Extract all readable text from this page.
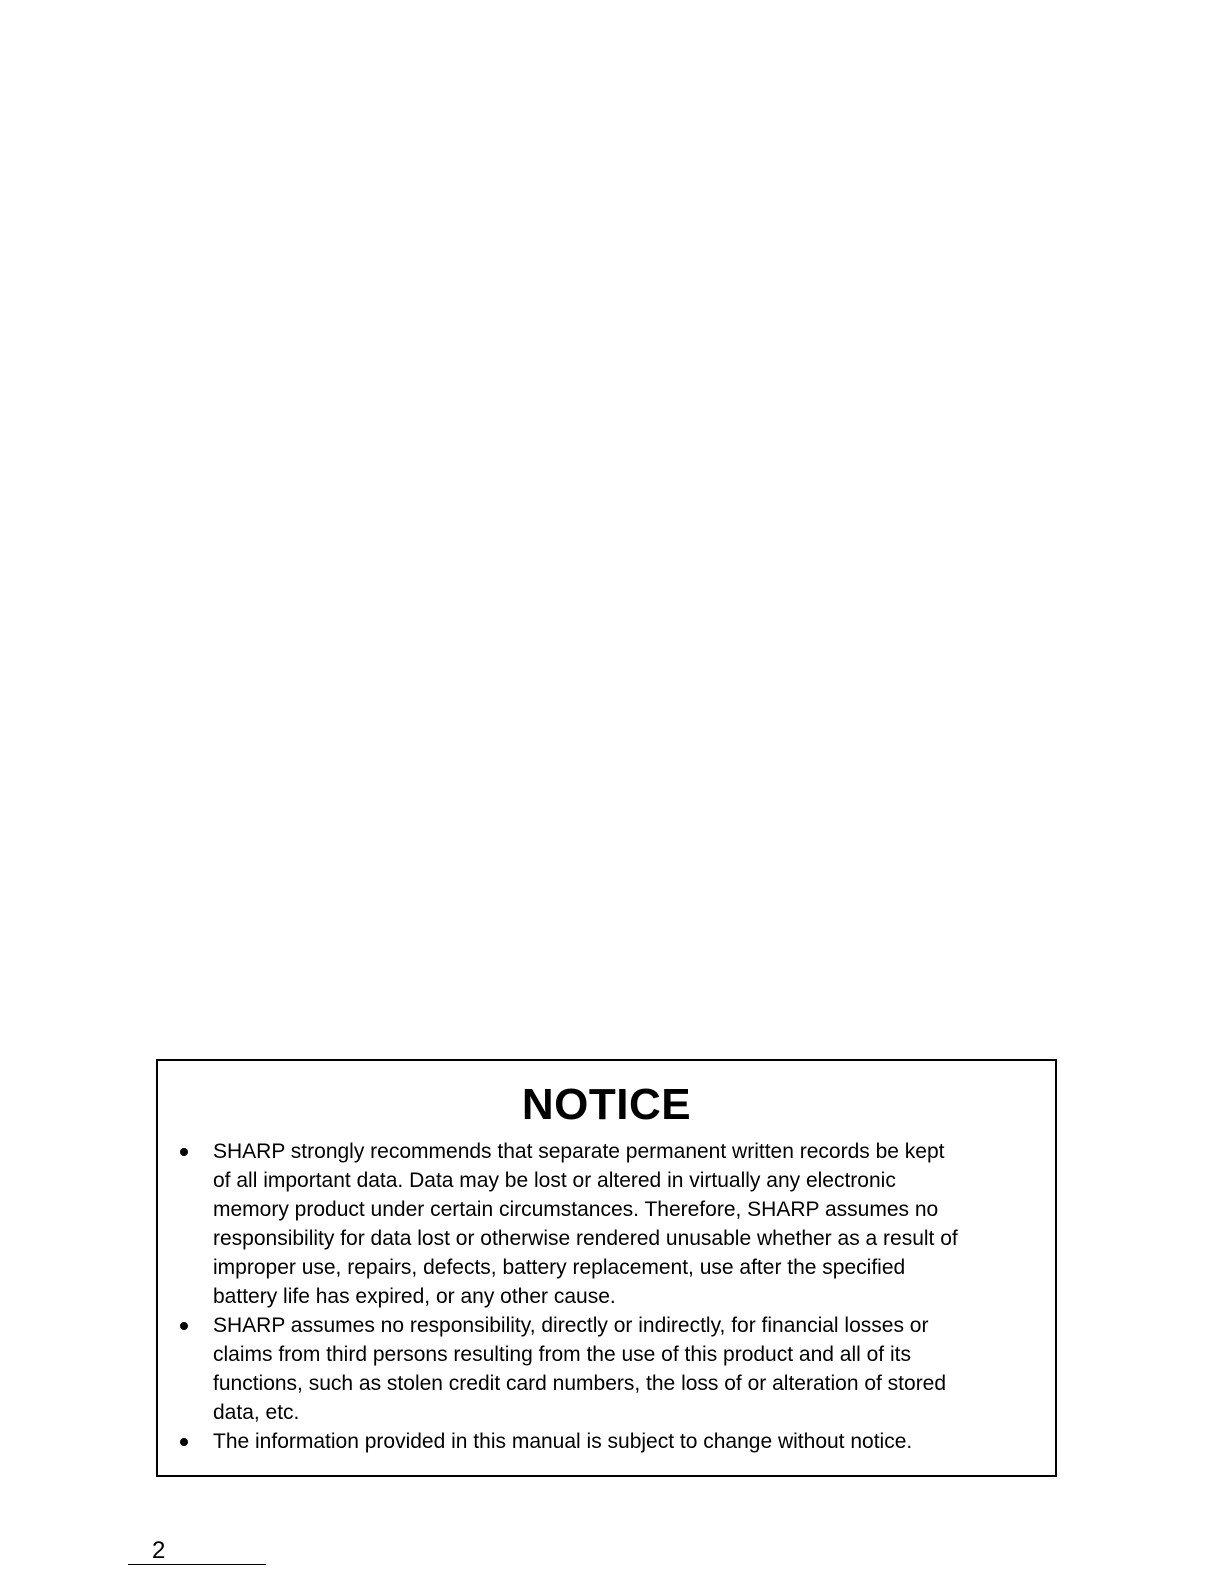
NOTICE
SHARP strongly recommends that separate permanent written records be kept
of all important data. Data may be lost or altered in virtually any electronic
memory product under certain circumstances. Therefore, SHARP assumes no
responsibility for data lost or otherwise rendered unusable whether as a result of
improper use, repairs, defects, battery replacement, use after the specified
battery life has expired, or any other cause.
SHARP assumes no responsibility, directly or indirectly, for financial losses or
claims from third persons resulting from the use of this product and all of its
functions, such as stolen credit card numbers, the loss of or alteration of stored
data, etc.
The information provided in this manual is subject to change without notice.
2
